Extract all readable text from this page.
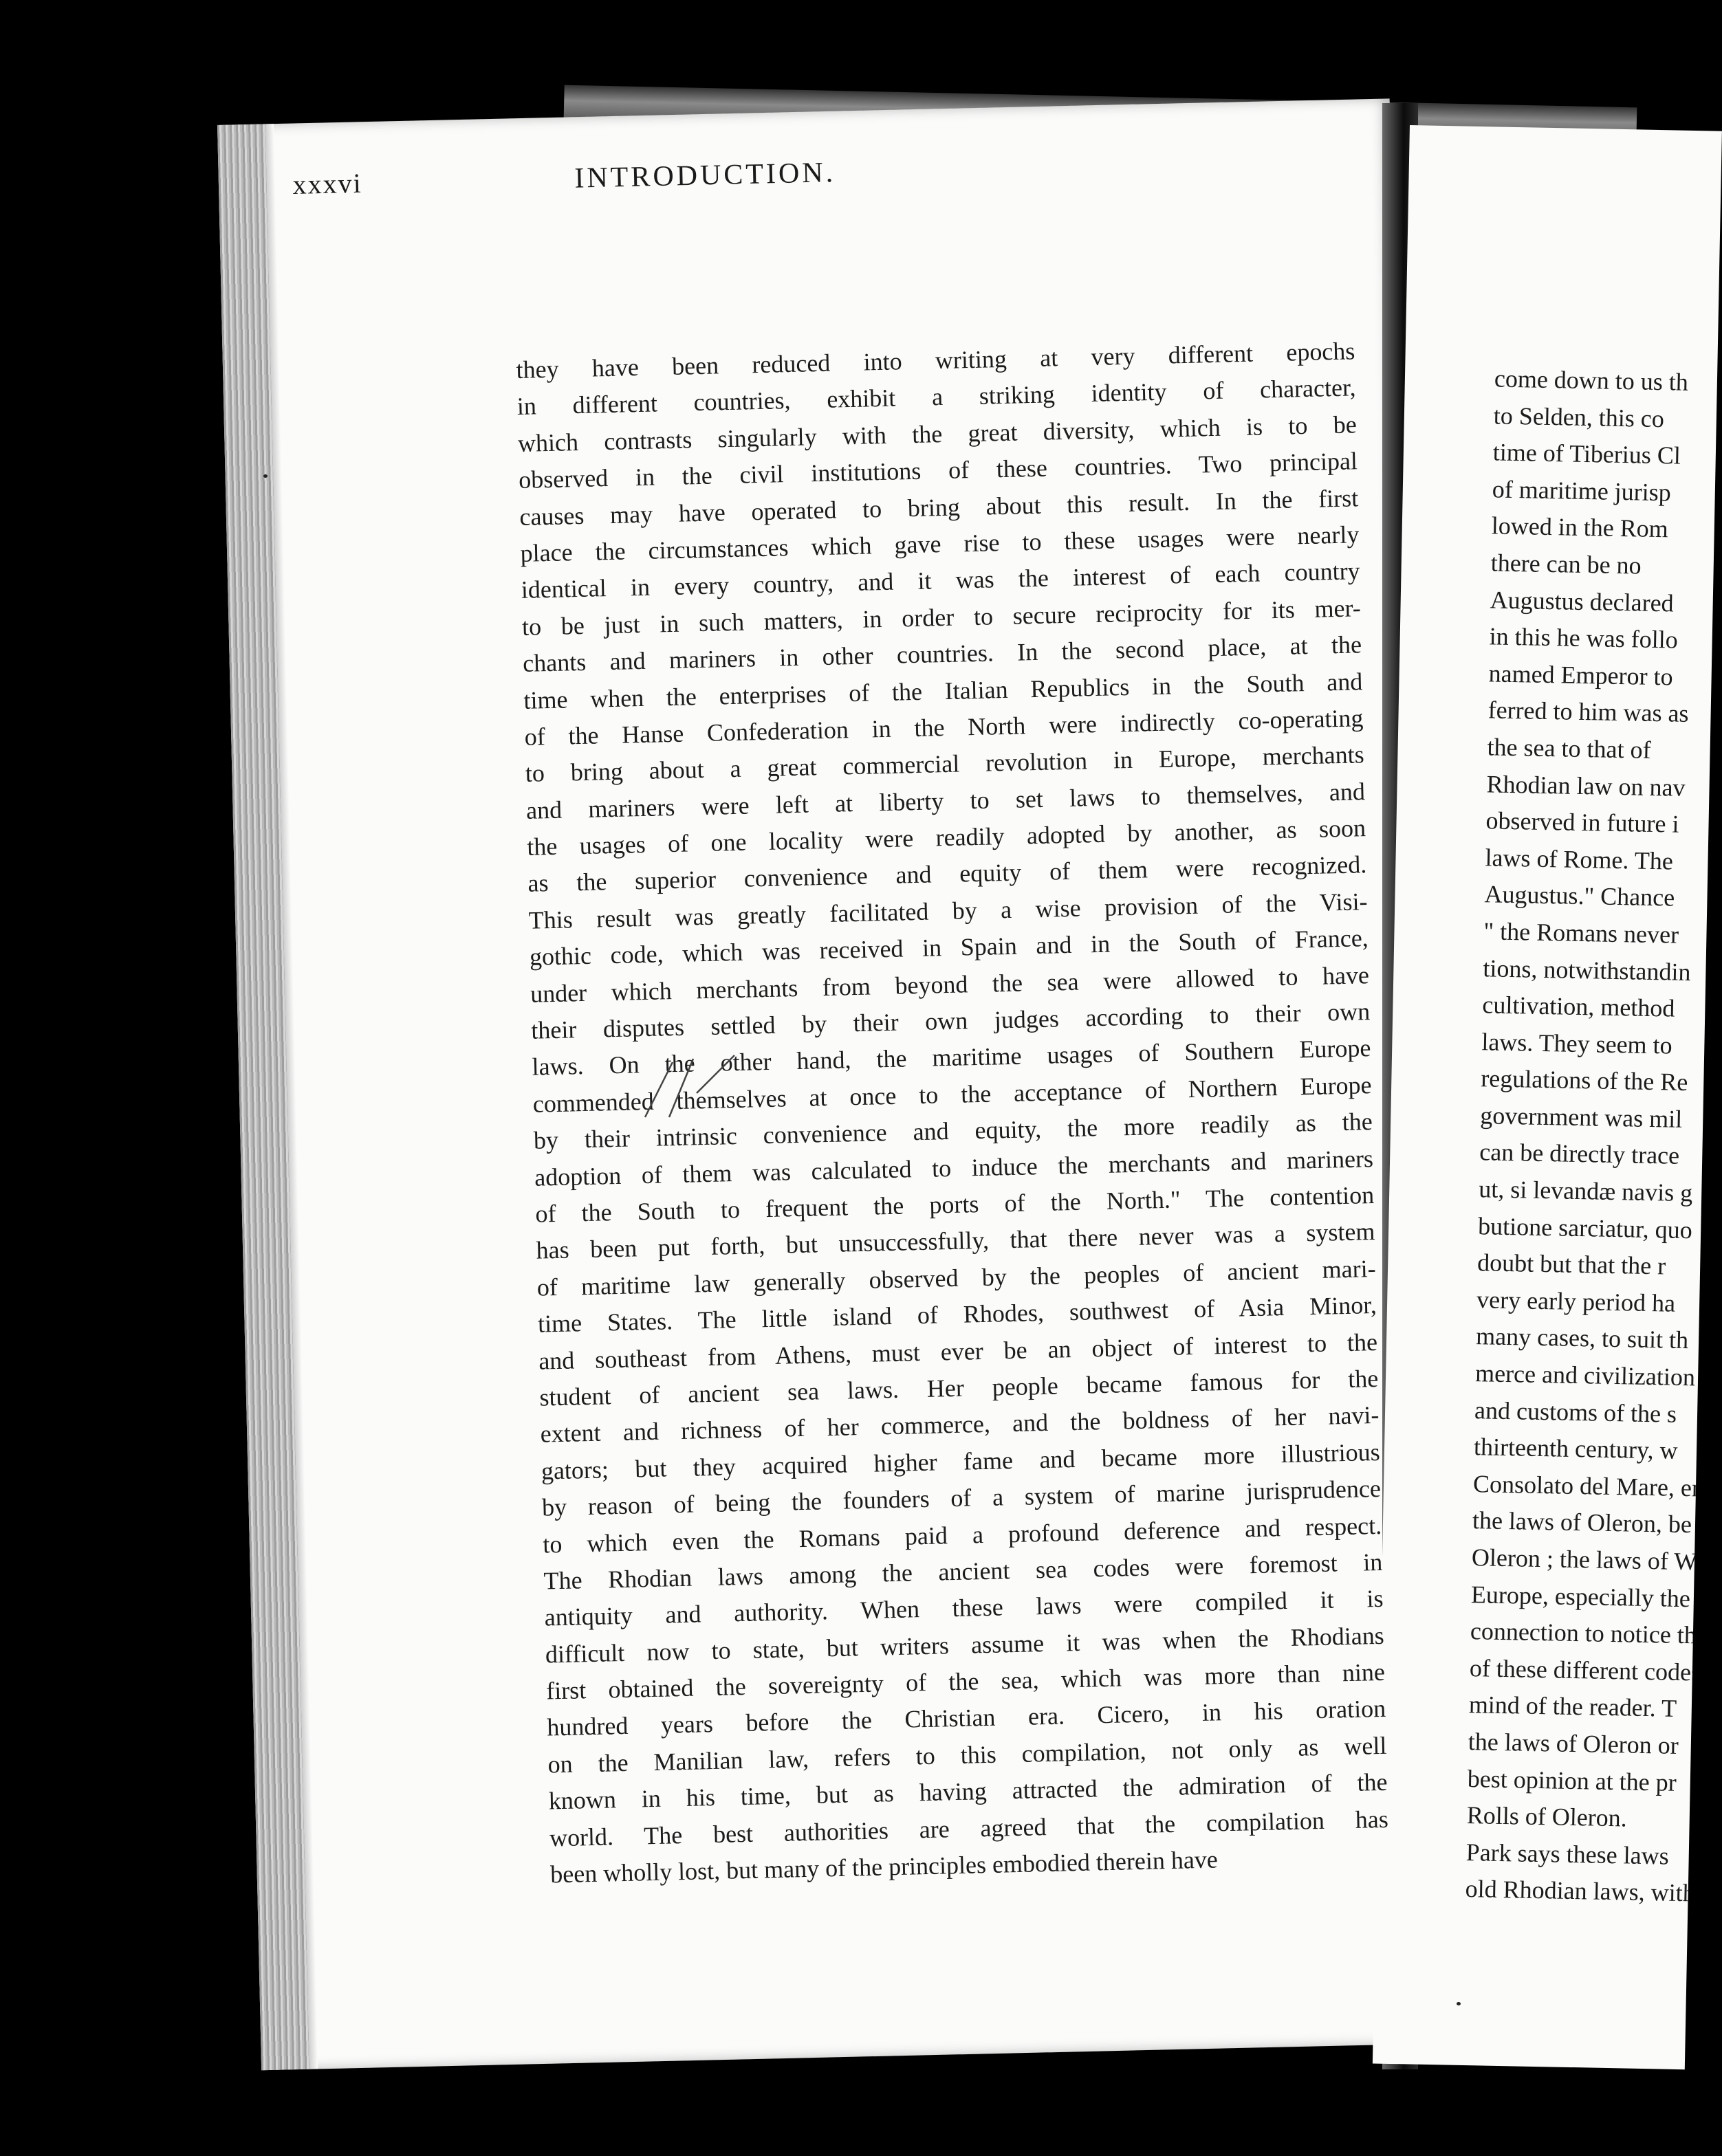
come down to us th
to Selden, this co
time of Tiberius Cl
of maritime jurisp
lowed in the Rom
there can be no
Augustus declared
in this he was follo
named Emperor to
ferred to him was as
the sea to that of
Rhodian law on nav
observed in future i
laws of Rome. The
Augustus." Chance
" the Romans never
tions, notwithstandin
cultivation, method
laws. They seem to
regulations of the Re
government was mil
can be directly trace
ut, si levandæ navis g
butione sarciatur, quo
doubt but that the r
very early period ha
many cases, to suit th
merce and civilization
and customs of the s
thirteenth century, w
Consolato del Mare, en
the laws of Oleron, be
Oleron ; the laws of W
Europe, especially the
connection to notice the
of these different codes,
mind of the reader. T
the laws of Oleron or
best opinion at the pr
Rolls of Oleron.
Park says these laws
old Rhodian laws, with s
xxxvi	INTRODUCTION.
they have been reduced into writing at very different epochs
in different countries, exhibit a striking identity of character,
which contrasts singularly with the great diversity, which is to be
observed in the civil institutions of these countries. Two principal
causes may have operated to bring about this result. In the first
place the circumstances which gave rise to these usages were nearly
identical in every country, and it was the interest of each country
to be just in such matters, in order to secure reciprocity for its mer-
chants and mariners in other countries. In the second place, at the
time when the enterprises of the Italian Republics in the South and
of the Hanse Confederation in the North were indirectly co-operating
to bring about a great commercial revolution in Europe, merchants
and mariners were left at liberty to set laws to themselves, and
the usages of one locality were readily adopted by another, as soon
as the superior convenience and equity of them were recognized.
This result was greatly facilitated by a wise provision of the Visi-
gothic code, which was received in Spain and in the South of France,
under which merchants from beyond the sea were allowed to have
their disputes settled by their own judges according to their own
laws. On the other hand, the maritime usages of Southern Europe
commended themselves at once to the acceptance of Northern Europe
by their intrinsic convenience and equity, the more readily as the
adoption of them was calculated to induce the merchants and mariners
of the South to frequent the ports of the North." The contention
has been put forth, but unsuccessfully, that there never was a system
of maritime law generally observed by the peoples of ancient mari-
time States. The little island of Rhodes, southwest of Asia Minor,
and southeast from Athens, must ever be an object of interest to the
student of ancient sea laws. Her people became famous for the
extent and richness of her commerce, and the boldness of her navi-
gators; but they acquired higher fame and became more illustrious
by reason of being the founders of a system of marine jurisprudence
to which even the Romans paid a profound deference and respect.
The Rhodian laws among the ancient sea codes were foremost in
antiquity and authority. When these laws were compiled it is
difficult now to state, but writers assume it was when the Rhodians
first obtained the sovereignty of the sea, which was more than nine
hundred years before the Christian era. Cicero, in his oration
on the Manilian law, refers to this compilation, not only as well
known in his time, but as having attracted the admiration of the
world. The best authorities are agreed that the compilation has
been wholly lost, but many of the principles embodied therein have
